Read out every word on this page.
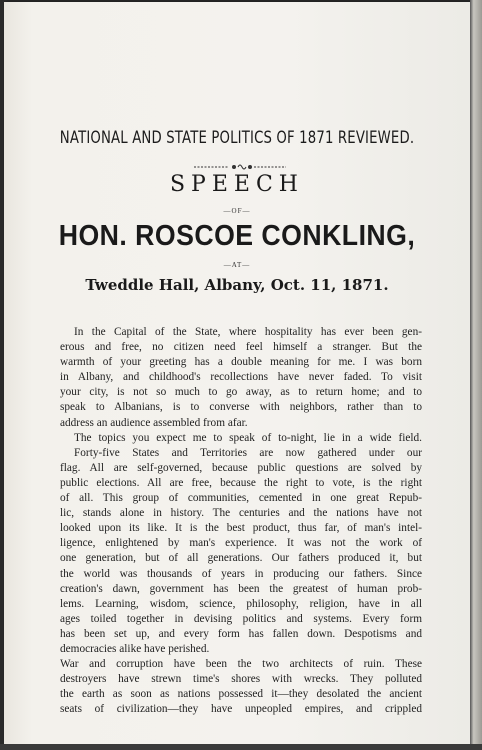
NATIONAL AND STATE POLITICS OF 1871 REVIEWED.
SPEECH
—OF—
HON. ROSCOE CONKLING,
—AT—
Tweddle Hall, Albany, Oct. 11, 1871.
In the Capital of the State, where hospitality has ever been gen-
erous and free, no citizen need feel himself a stranger. But the
warmth of your greeting has a double meaning for me. I was born
in Albany, and childhood's recollections have never faded. To visit
your city, is not so much to go away, as to return home; and to
speak to Albanians, is to converse with neighbors, rather than to
address an audience assembled from afar.
The topics you expect me to speak of to-night, lie in a wide field.
Forty-five States and Territories are now gathered under our
flag. All are self-governed, because public questions are solved by
public elections. All are free, because the right to vote, is the right
of all. This group of communities, cemented in one great Repub-
lic, stands alone in history. The centuries and the nations have not
looked upon its like. It is the best product, thus far, of man's intel-
ligence, enlightened by man's experience. It was not the work of
one generation, but of all generations. Our fathers produced it, but
the world was thousands of years in producing our fathers. Since
creation's dawn, government has been the greatest of human prob-
lems. Learning, wisdom, science, philosophy, religion, have in all
ages toiled together in devising politics and systems. Every form
has been set up, and every form has fallen down. Despotisms and
democracies alike have perished.
War and corruption have been the two architects of ruin. These
destroyers have strewn time's shores with wrecks. They polluted
the earth as soon as nations possessed it—they desolated the ancient
seats of civilization—they have unpeopled empires, and crippled
